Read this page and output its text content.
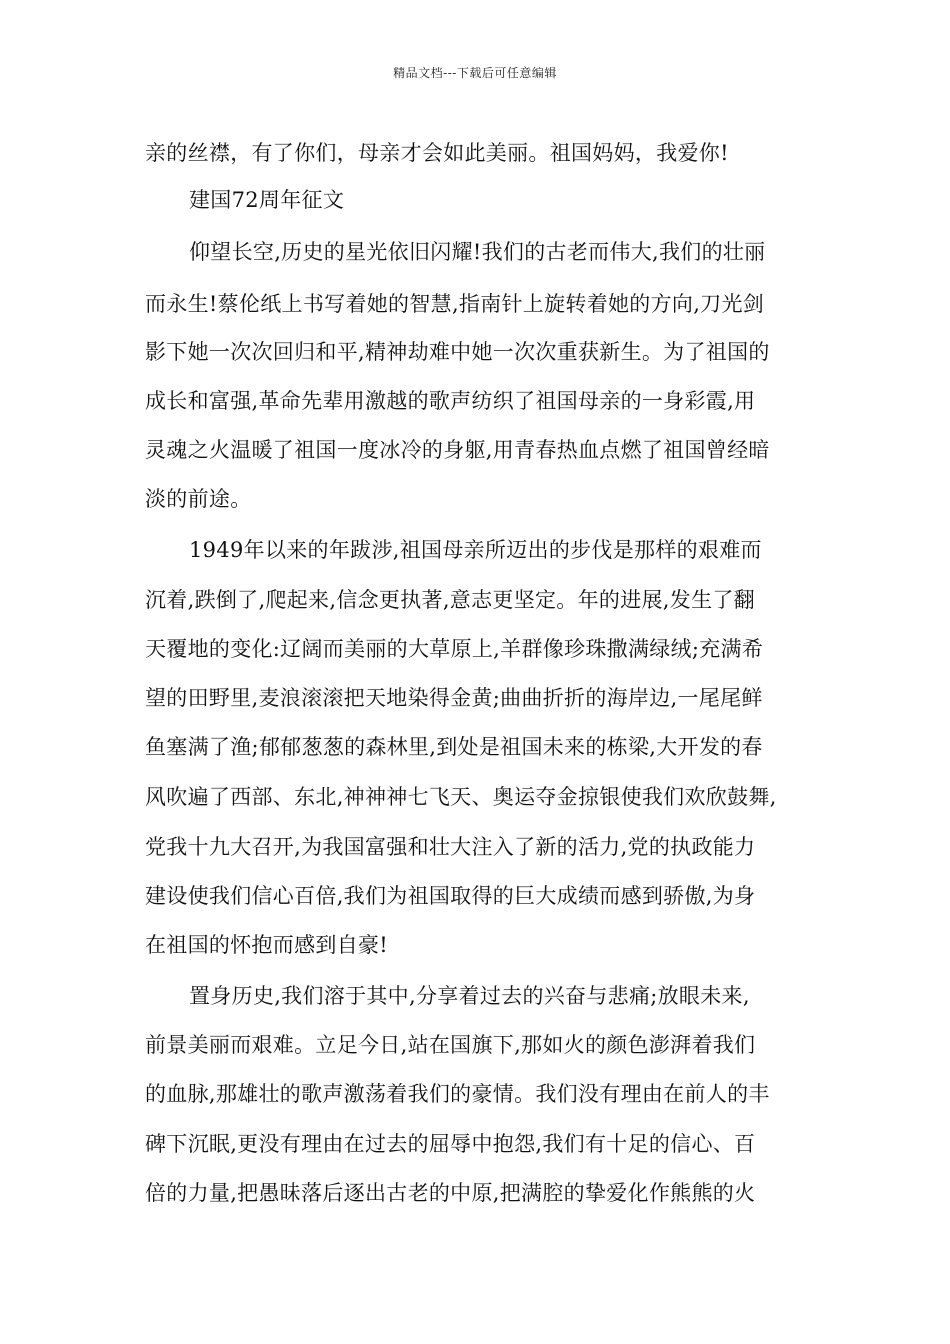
精品文档---下载后可任意编辑
亲的丝襟，有了你们，母亲才会如此美丽。祖国妈妈，我爱你!
建国72周年征文
仰望长空,历史的星光依旧闪耀!我们的古老而伟大,我们的壮丽
而永生!蔡伦纸上书写着她的智慧,指南针上旋转着她的方向,刀光剑
影下她一次次回归和平,精神劫难中她一次次重获新生。为了祖国的
成长和富强,革命先辈用激越的歌声纺织了祖国母亲的一身彩霞,用
灵魂之火温暖了祖国一度冰冷的身躯,用青春热血点燃了祖国曾经暗
淡的前途。
1949年以来的年跋涉,祖国母亲所迈出的步伐是那样的艰难而
沉着,跌倒了,爬起来,信念更执著,意志更坚定。年的进展,发生了翻
天覆地的变化:辽阔而美丽的大草原上,羊群像珍珠撒满绿绒;充满希
望的田野里,麦浪滚滚把天地染得金黄;曲曲折折的海岸边,一尾尾鲜
鱼塞满了渔;郁郁葱葱的森林里,到处是祖国未来的栋梁,大开发的春
风吹遍了西部、东北,神神神七飞天、奥运夺金掠银使我们欢欣鼓舞,
党我十九大召开,为我国富强和壮大注入了新的活力,党的执政能力
建设使我们信心百倍,我们为祖国取得的巨大成绩而感到骄傲,为身
在祖国的怀抱而感到自豪!
置身历史,我们溶于其中,分享着过去的兴奋与悲痛;放眼未来,
前景美丽而艰难。立足今日,站在国旗下,那如火的颜色澎湃着我们
的血脉,那雄壮的歌声激荡着我们的豪情。我们没有理由在前人的丰
碑下沉眠,更没有理由在过去的屈辱中抱怨,我们有十足的信心、百
倍的力量,把愚昧落后逐出古老的中原,把满腔的挚爱化作熊熊的火
